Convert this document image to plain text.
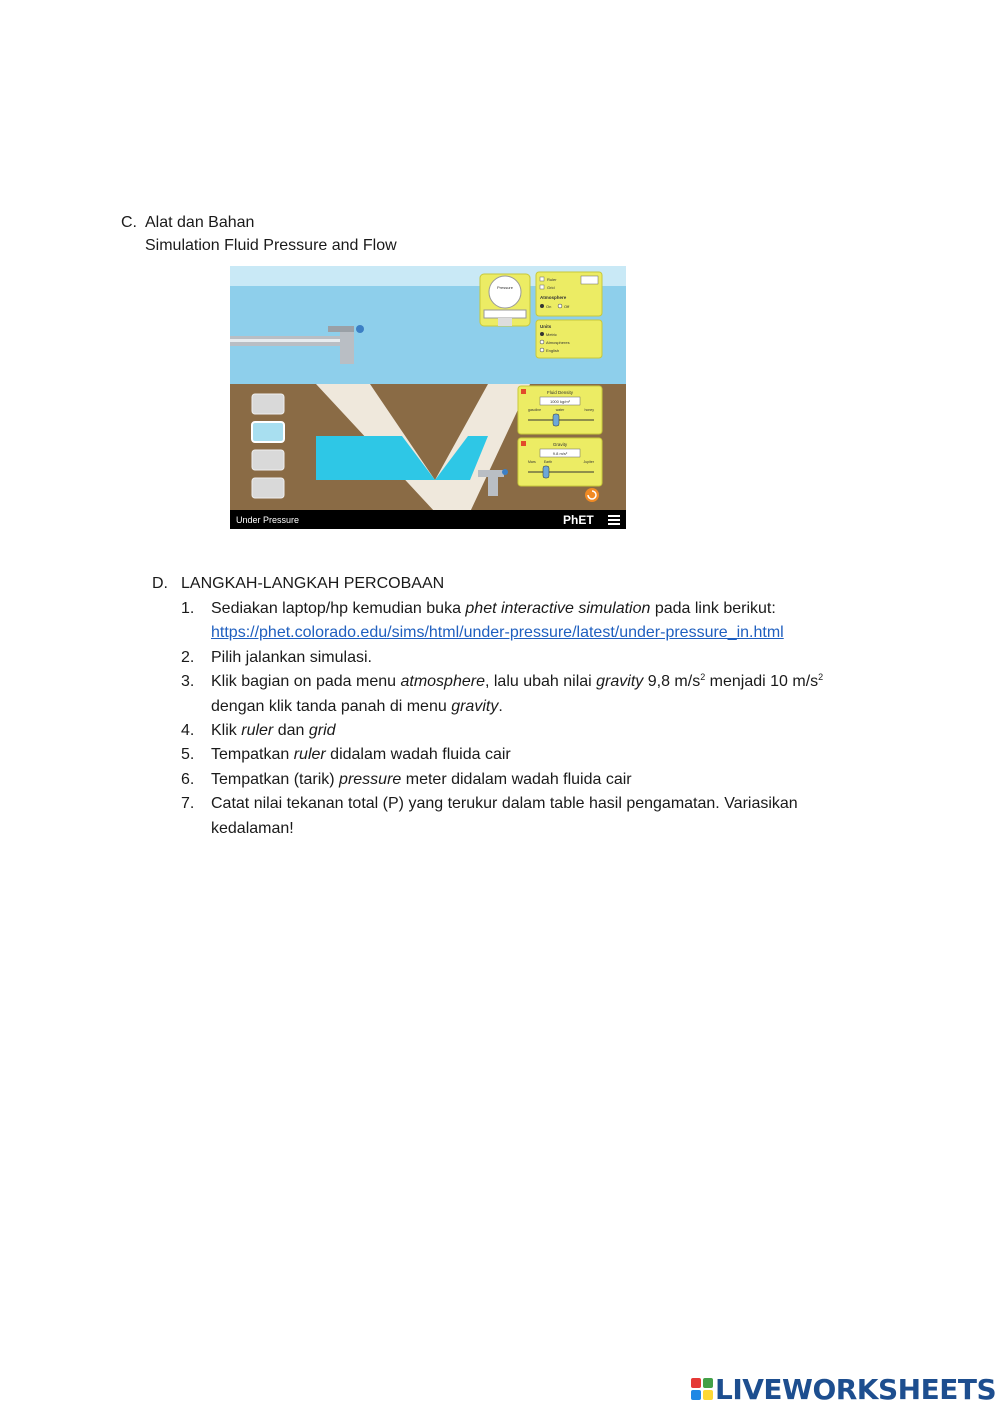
C. Alat dan Bahan
Simulation Fluid Pressure and Flow
Pressure
Ruler
Grid
Atmosphere
On	Off
Units
Metric
Atmospheres
English
Fluid Density
1000 kg/m³
gasoline	water	honey
Gravity
9.8 m/s²
Mars Earth	Jupiter
Under Pressure	PhET
D. LANGKAH-LANGKAH PERCOBAAN
1. Sediakan laptop/hp kemudian buka phet interactive simulation pada link berikut:
https://phet.colorado.edu/sims/html/under-pressure/latest/under-pressure_in.html
2. Pilih jalankan simulasi.
3. Klik bagian on pada menu atmosphere, lalu ubah nilai gravity 9,8 $m/s^2$ menjadi 10 $m/s^2$
dengan klik tanda panah di menu gravity.
4. Klik ruler dan grid
5. Tempatkan ruler didalam wadah fluida cair
6. Tempatkan (tarik) pressure meter didalam wadah fluida cair
7. Catat nilai tekanan total (P) yang terukur dalam table hasil pengamatan. Variasikan
kedalaman!
LIVEWORKSHEETS
